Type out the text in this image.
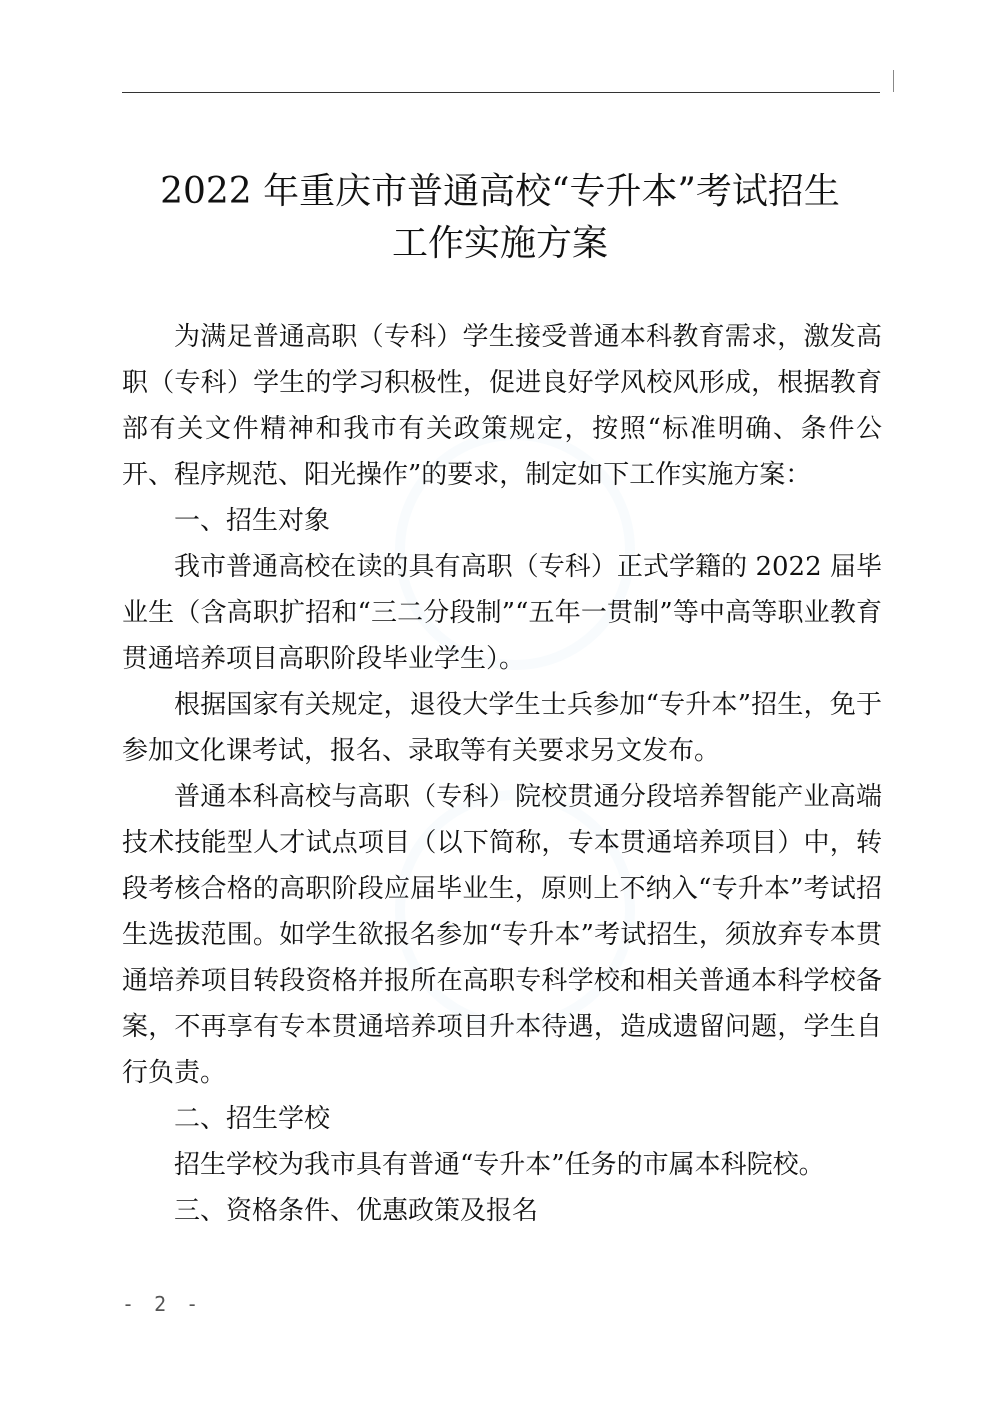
2022 年重庆市普通高校“专升本”考试招生
工作实施方案

为满足普通高职（专科）学生接受普通本科教育需求，激发高职（专科）学生的学习积极性，促进良好学风校风形成，根据教育部有关文件精神和我市有关政策规定，按照“标准明确、条件公开、程序规范、阳光操作”的要求，制定如下工作实施方案：

一、招生对象

我市普通高校在读的具有高职（专科）正式学籍的 2022 届毕业生（含高职扩招和“三二分段制”“五年一贯制”等中高等职业教育贯通培养项目高职阶段毕业学生）。

根据国家有关规定，退役大学生士兵参加“专升本”招生，免于参加文化课考试，报名、录取等有关要求另文发布。

普通本科高校与高职（专科）院校贯通分段培养智能产业高端技术技能型人才试点项目（以下简称，专本贯通培养项目）中，转段考核合格的高职阶段应届毕业生，原则上不纳入“专升本”考试招生选拔范围。如学生欲报名参加“专升本”考试招生，须放弃专本贯通培养项目转段资格并报所在高职专科学校和相关普通本科学校备案，不再享有专本贯通培养项目升本待遇，造成遗留问题，学生自行负责。

二、招生学校

招生学校为我市具有普通“专升本”任务的市属本科院校。

三、资格条件、优惠政策及报名

- 2 -
